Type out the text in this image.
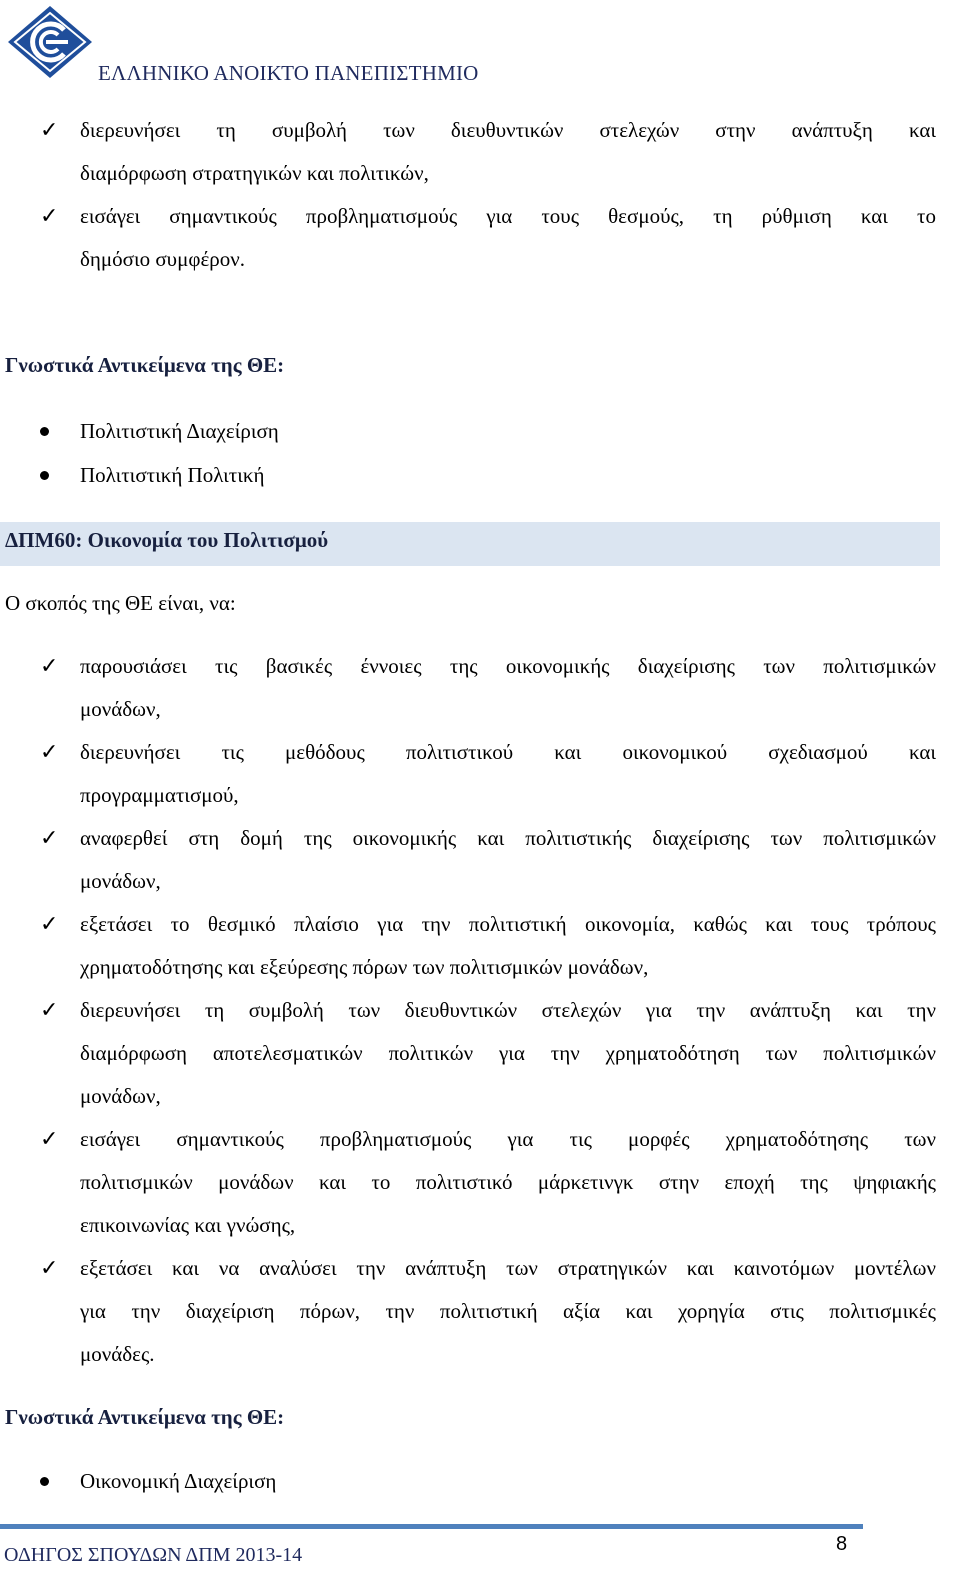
ΕΛΛΗΝΙΚΟ ΑΝΟΙΚΤΟ ΠΑΝΕΠΙΣΤΗΜΙΟ
✓ διερευνήσει τη συμβολή των διευθυντικών στελεχών στην ανάπτυξη και
διαμόρφωση στρατηγικών και πολιτικών,
✓ εισάγει σημαντικούς προβληματισμούς για τους θεσμούς, τη ρύθμιση και το
δημόσιο συμφέρον.
Γνωστικά Αντικείμενα της ΘΕ:
Πολιτιστική Διαχείριση
Πολιτιστική Πολιτική
ΔΠΜ60: Οικονομία του Πολιτισμού
Ο σκοπός της ΘΕ είναι, να:
✓ παρουσιάσει τις βασικές έννοιες της οικονομικής διαχείρισης των πολιτισμικών
μονάδων,
✓ διερευνήσει τις μεθόδους πολιτιστικού και οικονομικού σχεδιασμού και
προγραμματισμού,
✓ αναφερθεί στη δομή της οικονομικής και πολιτιστικής διαχείρισης των πολιτισμικών
μονάδων,
✓ εξετάσει το θεσμικό πλαίσιο για την πολιτιστική οικονομία, καθώς και τους τρόπους
χρηματοδότησης και εξεύρεσης πόρων των πολιτισμικών μονάδων,
✓ διερευνήσει τη συμβολή των διευθυντικών στελεχών για την ανάπτυξη και την
διαμόρφωση αποτελεσματικών πολιτικών για την χρηματοδότηση των πολιτισμικών
μονάδων,
✓ εισάγει σημαντικούς προβληματισμούς για τις μορφές χρηματοδότησης των
πολιτισμικών μονάδων και το πολιτιστικό μάρκετινγκ στην εποχή της ψηφιακής
επικοινωνίας και γνώσης,
✓ εξετάσει και να αναλύσει την ανάπτυξη των στρατηγικών και καινοτόμων μοντέλων
για την διαχείριση πόρων, την πολιτιστική αξία και χορηγία στις πολιτισμικές
μονάδες.
Γνωστικά Αντικείμενα της ΘΕ:
Οικονομική Διαχείριση
ΟΔΗΓΟΣ ΣΠΟΥΔΩΝ ΔΠΜ 2013-14	8
